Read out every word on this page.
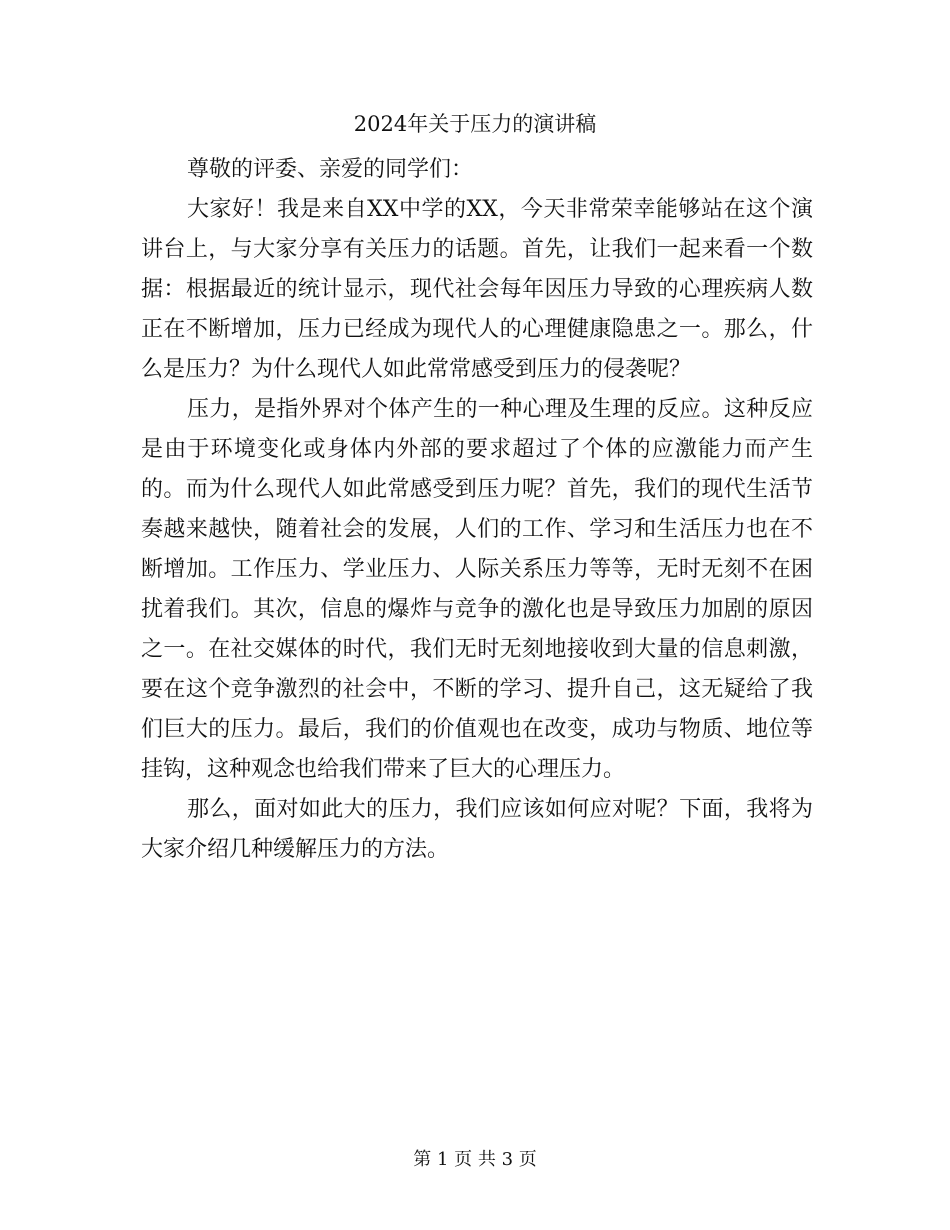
2024年关于压力的演讲稿

尊敬的评委、亲爱的同学们：

大家好！我是来自XX中学的XX，今天非常荣幸能够站在这个演讲台上，与大家分享有关压力的话题。首先，让我们一起来看一个数据：根据最近的统计显示，现代社会每年因压力导致的心理疾病人数正在不断增加，压力已经成为现代人的心理健康隐患之一。那么，什么是压力？为什么现代人如此常常感受到压力的侵袭呢？

压力，是指外界对个体产生的一种心理及生理的反应。这种反应是由于环境变化或身体内外部的要求超过了个体的应激能力而产生的。而为什么现代人如此常感受到压力呢？首先，我们的现代生活节奏越来越快，随着社会的发展，人们的工作、学习和生活压力也在不断增加。工作压力、学业压力、人际关系压力等等，无时无刻不在困扰着我们。其次，信息的爆炸与竞争的激化也是导致压力加剧的原因之一。在社交媒体的时代，我们无时无刻地接收到大量的信息刺激，要在这个竞争激烈的社会中，不断的学习、提升自己，这无疑给了我们巨大的压力。最后，我们的价值观也在改变，成功与物质、地位等挂钩，这种观念也给我们带来了巨大的心理压力。

那么，面对如此大的压力，我们应该如何应对呢？下面，我将为大家介绍几种缓解压力的方法。

第 1 页 共 3 页
